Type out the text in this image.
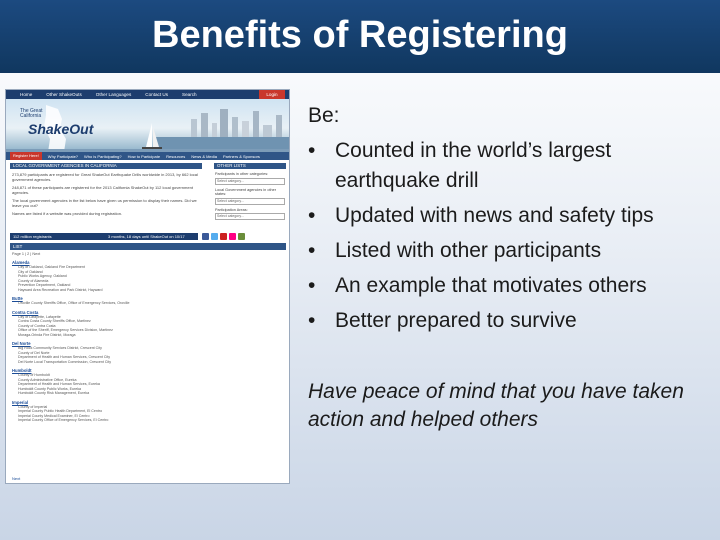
Benefits of Registering
Home	Other ShakeOuts	Other Languages	Contact Us	Search	Login
The Great California
ShakeOut
Register Here!	Why Participate? Who is Participating? How to Participate Resources News & Media Partners & Sponsors
LOCAL GOVERNMENT AGENCIES IN CALIFORNIA
273,879 participants are registered for Great ShakeOut Earthquake Drills worldwide in 2013, by 662 local government agencies.
248,871 of these participants are registered for the 2013 California ShakeOut by 112 local government agencies.
The local government agencies in the list below have given us permission to display their names. Did we leave you out?
Names are listed if a website was provided during registration.
OTHER LISTS
Participants in other categories:
Select category...
Local Government agencies in other states:
Select category...
Participation Areas:
Select category...
112 million registrants	3 months, 18 days until ShakeOut on 10/17
LIST
Page 1 | 2 | Next
Alameda
City of Oakland, Oakland Fire Department
City of Oakland
Public Works Agency, Oakland
County of Alameda
Prevention Department, Oakland
Hayward Area Recreation and Park District, Hayward
Butte
Oroville County Sheriffs Office, Office of Emergency Services, Oroville
Contra Costa
City of Lafayette, Lafayette
Contra Costa County Sheriffs Office, Martinez
County of Contra Costa
Office of the Sheriff, Emergency Services Division, Martinez
Moraga-Orinda Fire District, Moraga
Del Norte
Big Rock Community Services District, Crescent City
County of Del Norte
Department of Health and Human Services, Crescent City
Del Norte Local Transportation Commission, Crescent City
Humboldt
County of Humboldt
County Administrative Office, Eureka
Department of Health and Human Services, Eureka
Humboldt County Public Works, Eureka
Humboldt County Risk Management, Eureka
Imperial
County of Imperial
Imperial County Public Health Department, El Centro
Imperial County Medical Examiner, El Centro
Imperial County Office of Emergency Services, El Centro
Next
Be:
• Counted in the world’s largest earthquake drill
• Updated with news and safety tips
• Listed with other participants
• An example that motivates others
• Better prepared to survive
Have peace of mind that you have taken action and helped others
